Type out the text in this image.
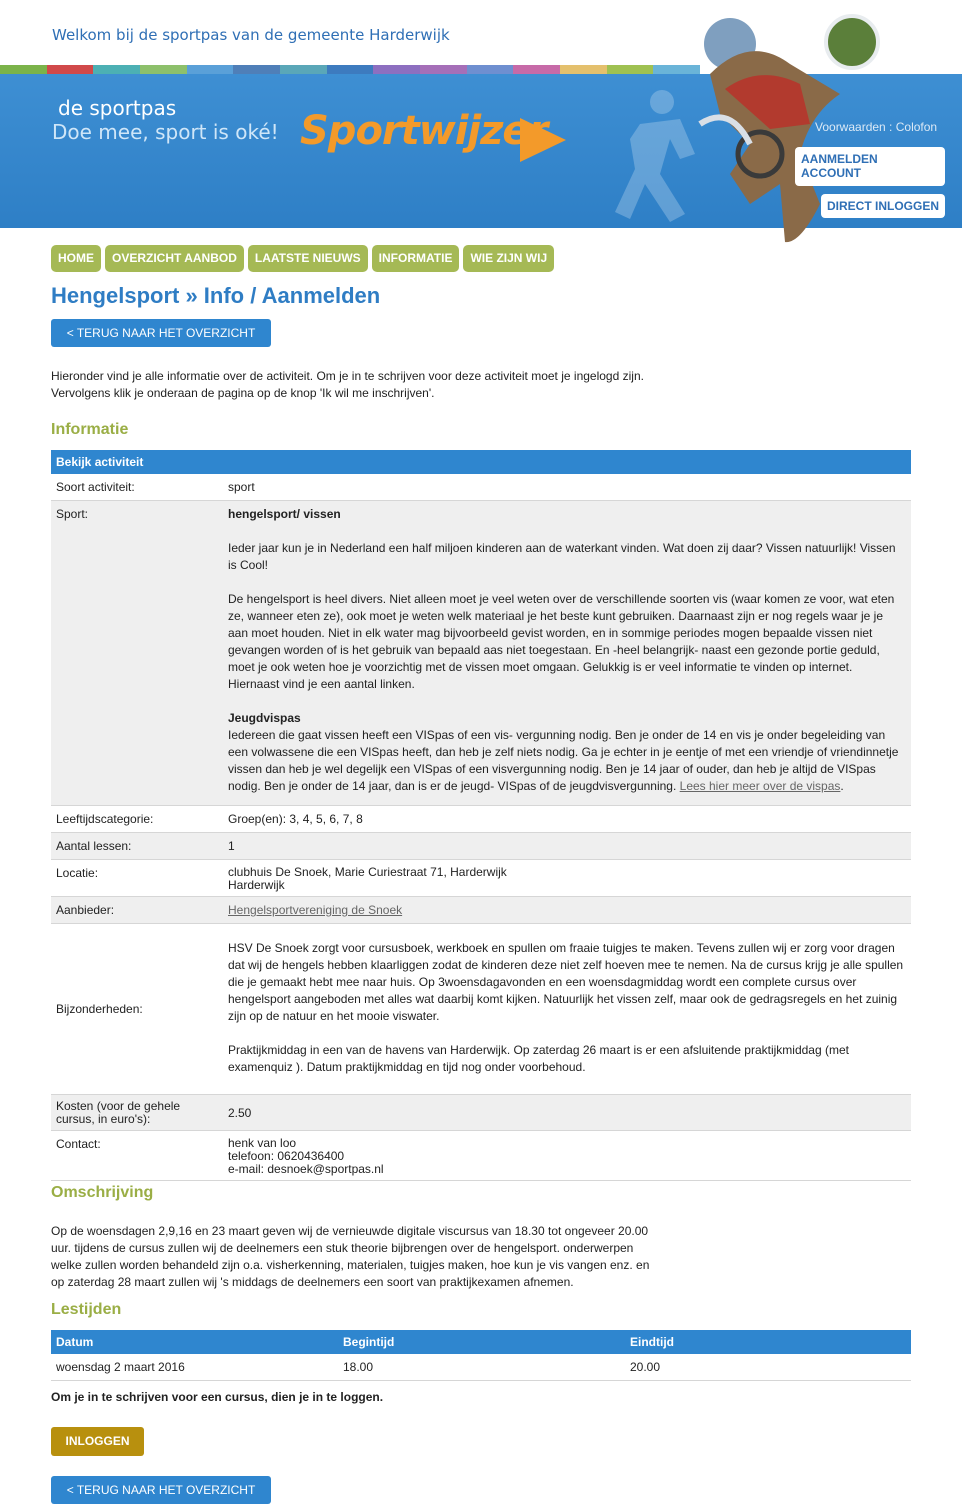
Welkom bij de sportpas van de gemeente Harderwijk
de sportpas
Doe mee, sport is oké! Sportwijzer	Voorwaarden : Colofon
AANMELDEN ACCOUNT
DIRECT INLOGGEN
HOME	OVERZICHT AANBOD	LAATSTE NIEUWS	INFORMATIE	WIE ZIJN WIJ
Hengelsport » Info / Aanmelden
< TERUG NAAR HET OVERZICHT
Hieronder vind je alle informatie over de activiteit. Om je in te schrijven voor deze activiteit moet je ingelogd zijn.
Vervolgens klik je onderaan de pagina op de knop 'Ik wil me inschrijven'.
Informatie
Bekijk activiteit	
Soort activiteit:	sport
Sport:	hengelsport/ vissen

Ieder jaar kun je in Nederland een half miljoen kinderen aan de waterkant vinden. Wat doen zij daar? Vissen natuurlijk! Vissen is Cool!

De hengelsport is heel divers. Niet alleen moet je veel weten over de verschillende soorten vis (waar komen ze voor, wat eten ze, wanneer eten ze), ook moet je weten welk materiaal je het beste kunt gebruiken. Daarnaast zijn er nog regels waar je je aan moet houden. Niet in elk water mag bijvoorbeeld gevist worden, en in sommige periodes mogen bepaalde vissen niet gevangen worden of is het gebruik van bepaald aas niet toegestaan. En -heel belangrijk- naast een gezonde portie geduld, moet je ook weten hoe je voorzichtig met de vissen moet omgaan. Gelukkig is er veel informatie te vinden op internet. Hiernaast vind je een aantal linken.

Jeugdvispas

Iedereen die gaat vissen heeft een VISpas of een vis- vergunning nodig. Ben je onder de 14 en vis je onder begeleiding van een volwassene die een VISpas heeft, dan heb je zelf niets nodig. Ga je echter in je eentje of met een vriendje of vriendinnetje vissen dan heb je wel degelijk een VISpas of een visvergunning nodig. Ben je 14 jaar of ouder, dan heb je altijd de VISpas nodig. Ben je onder de 14 jaar, dan is er de jeugd- VISpas of de jeugdvisvergunning. Lees hier meer over de vispas.

Leeftijdscategorie:	Groep(en): 3, 4, 5, 6, 7, 8
Aantal lessen:	1
Locatie:	clubhuis De Snoek, Marie Curiestraat 71, Harderwijk
Harderwijk

Aanbieder:	Hengelsportvereniging de Snoek
Bijzonderheden:	HSV De Snoek zorgt voor cursusboek, werkboek en spullen om fraaie tuigjes te maken. Tevens zullen wij er zorg voor dragen dat wij de hengels hebben klaarliggen zodat de kinderen deze niet zelf hoeven mee te nemen. Na de cursus krijg je alle spullen die je gemaakt hebt mee naar huis. Op 3woensdagavonden en een woensdagmiddag wordt een complete cursus over hengelsport aangeboden met alles wat daarbij komt kijken. Natuurlijk het vissen zelf, maar ook de gedragsregels en het zuinig zijn op de natuur en het mooie viswater.

Praktijkmiddag in een van de havens van Harderwijk. Op zaterdag 26 maart is er een afsluitende praktijkmiddag (met examenquiz ). Datum praktijkmiddag en tijd nog onder voorbehoud.

Kosten (voor de gehele cursus, in euro's):	2.50
Contact:	henk van loo
telefoon: 0620436400
e-mail: desnoek@sportpas.nl
Omschrijving
Op de woensdagen 2,9,16 en 23 maart geven wij de vernieuwde digitale viscursus van 18.30 tot ongeveer 20.00 uur. tijdens de cursus zullen wij de deelnemers een stuk theorie bijbrengen over de hengelsport. onderwerpen welke zullen worden behandeld zijn o.a. visherkenning, materialen, tuigjes maken, hoe kun je vis vangen enz. en op zaterdag 28 maart zullen wij 's middags de deelnemers een soort van praktijkexamen afnemen.
Lestijden
Datum	Begintijd	Eindtijd
woensdag 2 maart 2016	18.00	20.00
Om je in te schrijven voor een cursus, dien je in te loggen.
INLOGGEN
< TERUG NAAR HET OVERZICHT
